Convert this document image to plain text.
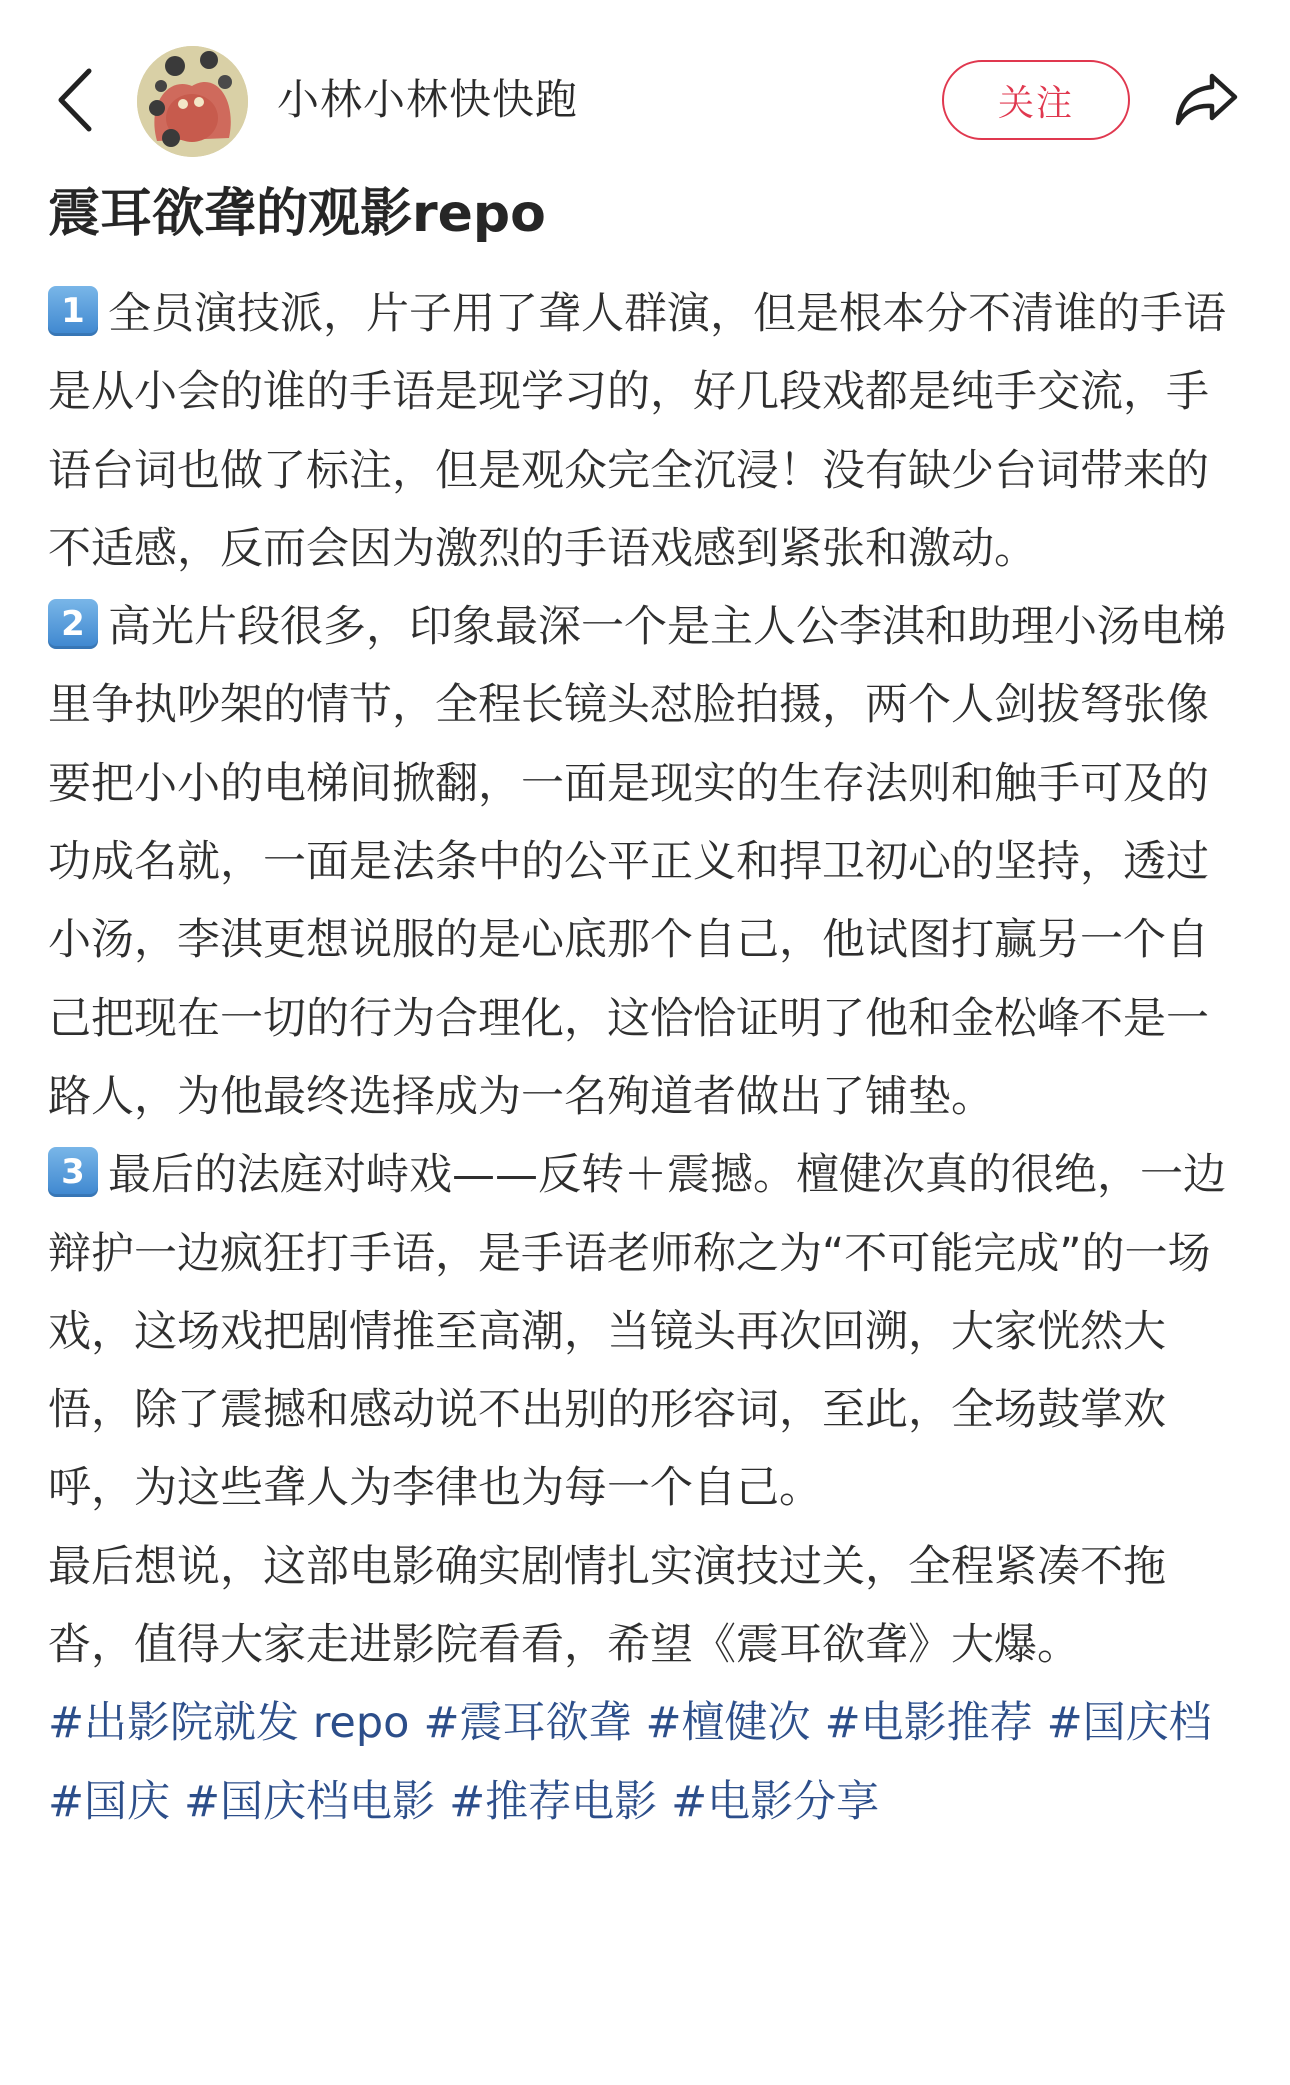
小林小林快快跑	关注
震耳欲聋的观影repo

1 全员演技派，片子用了聋人群演，但是根本分不清谁的手语是从小会的谁的手语是现学习的，好几段戏都是纯手交流，手语台词也做了标注，但是观众完全沉浸！没有缺少台词带来的不适感，反而会因为激烈的手语戏感到紧张和激动。

2 高光片段很多，印象最深一个是主人公李淇和助理小汤电梯里争执吵架的情节，全程长镜头怼脸拍摄，两个人剑拔弩张像要把小小的电梯间掀翻，一面是现实的生存法则和触手可及的功成名就，一面是法条中的公平正义和捍卫初心的坚持，透过小汤，李淇更想说服的是心底那个自己，他试图打赢另一个自己把现在一切的行为合理化，这恰恰证明了他和金松峰不是一路人，为他最终选择成为一名殉道者做出了铺垫。

3 最后的法庭对峙戏——反转＋震撼。檀健次真的很绝，一边辩护一边疯狂打手语，是手语老师称之为“不可能完成”的一场戏，这场戏把剧情推至高潮，当镜头再次回溯，大家恍然大悟，除了震撼和感动说不出别的形容词，至此，全场鼓掌欢呼，为这些聋人为李律也为每一个自己。

最后想说，这部电影确实剧情扎实演技过关，全程紧凑不拖沓，值得大家走进影院看看，希望《震耳欲聋》大爆。

#出影院就发 repo #震耳欲聋 #檀健次 #电影推荐 #国庆档#国庆 #国庆档电影 #推荐电影 #电影分享
